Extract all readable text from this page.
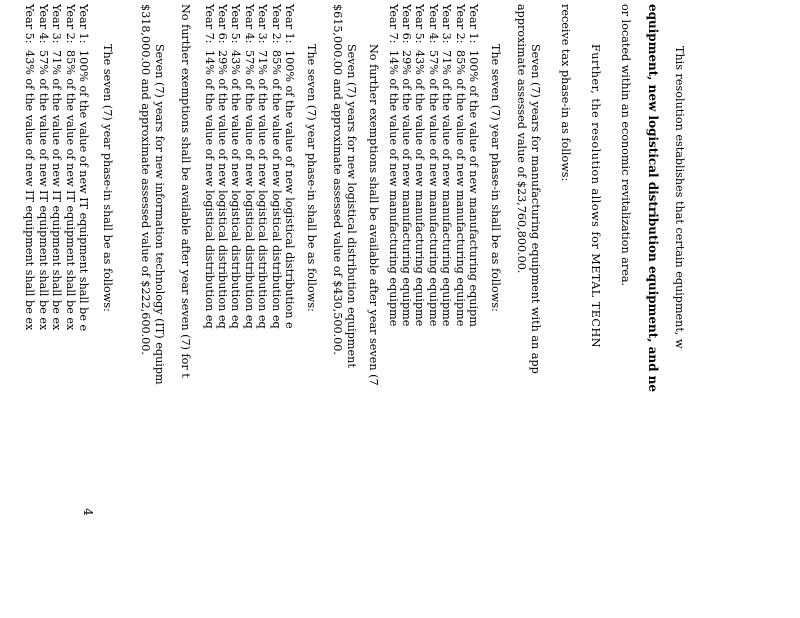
This resolution establishes that certain equipment, w
equipment, new logistical distribution equipment, and ne
or located within an economic revitalization area.
Further, the resolution allows for METAL TECHN
receive tax phase-in as follows:
Seven (7) years for manufacturing equipment with an app
approximate assessed value of $23,760,800.00.
The seven (7) year phase-in shall be as follows:
Year 1:
100% of the value of new manufacturing equipm
Year 2:
85% of the value of new manufacturing equipme
Year 3:
71% of the value of new manufacturing equipme
Year 4:
57% of the value of new manufacturing equipme
Year 5:
43% of the value of new manufacturing equipme
Year 6:
29% of the value of new manufacturing equipme
Year 7:
14% of the value of new manufacturing equipme
No further exemptions shall be available after year seven (7
Seven (7) years for new logistical distribution equipment
$615,000.00 and approximate assessed value of $430,500.00.
The seven (7) year phase-in shall be as follows:
Year 1:
100% of the value of new logistical distribution e
Year 2:
85% of the value of new logistical distribution eq
Year 3:
71% of the value of new logistical distribution eq
Year 4:
57% of the value of new logistical distribution eq
Year 5:
43% of the value of new logistical distribution eq
Year 6:
29% of the value of new logistical distribution eq
Year 7:
14% of the value of new logistical distribution eq
No further exemptions shall be available after year seven (7) for t
Seven (7) years for new information technology (IT) equipm
$318,000.00 and approximate assessed value of $222,600.00.
The seven (7) year phase-in shall be as follows:
Year 1:
100% of the value of new IT equipment shall be e
Year 2:
85% of the value of new IT equipment shall be ex
Year 3:
71% of the value of new IT equipment shall be ex
Year 4:
57% of the value of new IT equipment shall be ex
Year 5:
43% of the value of new IT equipment shall be ex
4
